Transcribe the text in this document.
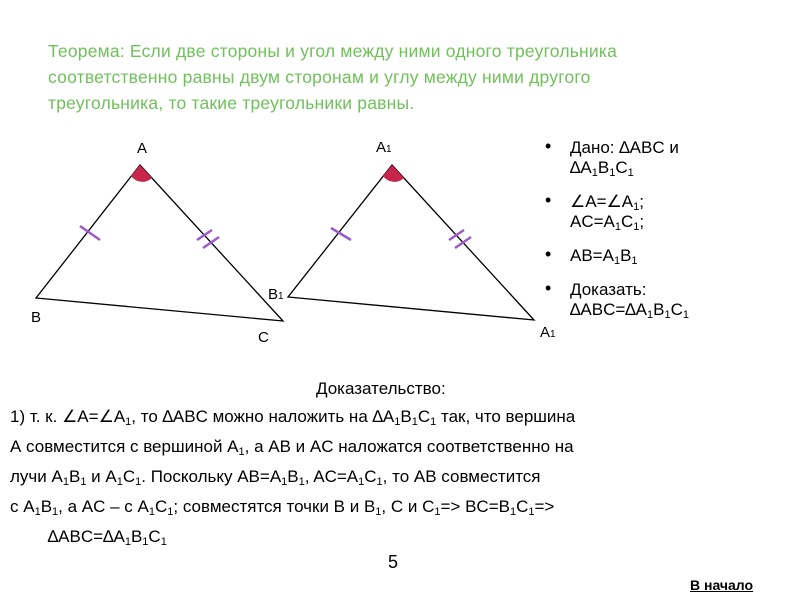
Теорема: Если две стороны и угол между ними одного треугольника
соответственно равны двум сторонам и углу между ними другого
треугольника, то такие треугольники равны.
A
B
C
A1
B1
A1
• Дано: ∆ABC и
$\Delta A_1B_1C_1$
• $\angle A=\angle A_1$;
$AC=A_1C_1$;
• $AB=A_1B_1$
• Доказать:
$\Delta ABC=\Delta A_1B_1C_1$
Доказательство:
1) т. к. $\angle A=\angle A_1$, то ∆ABC можно наложить на $\Delta A_1B_1C_1$ так, что вершина
А совместится с вершиной $A_1$, а AB и AC наложатся соответственно на
лучи $A_1B_1$ и $A_1C_1$. Поскольку $AB=A_1B_1$, $AC=A_1C_1$, то AB совместится
с $A_1B_1$, а AC – с $A_1C_1$; совместятся точки B и $B_1$, C и $C_1=> BC=B_1C_1=>$
$\Delta ABC=\Delta A_1B_1C_1$
5
В начало
